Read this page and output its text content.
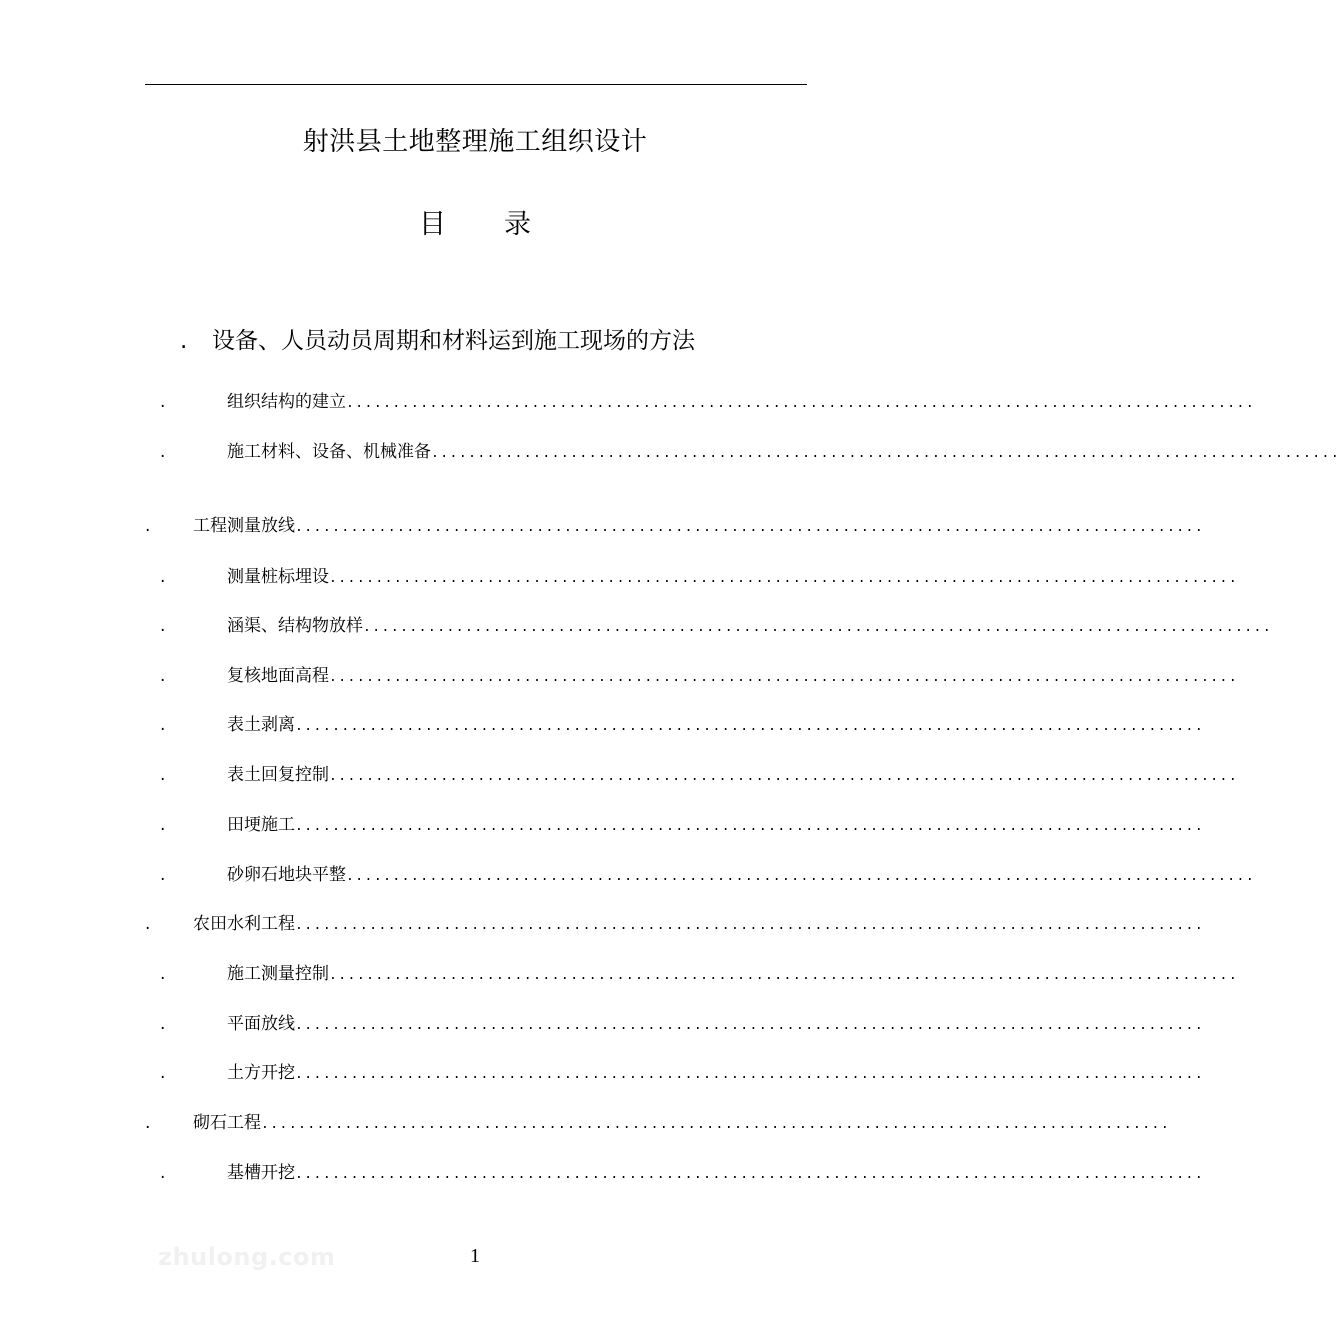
射洪县土地整理施工组织设计
目 录
. 设备、人员动员周期和材料运到施工现场的方法
.	组织结构的建立 ..................................................................................................
.	施工材料、设备、机械准备 ..................................................................................................
.	工程测量放线 ..................................................................................................
.	测量桩标埋设 ..................................................................................................
.	涵渠、结构物放样 ..................................................................................................
.	复核地面高程 ..................................................................................................
.	表土剥离 ..................................................................................................
.	表土回复控制 ..................................................................................................
.	田埂施工 ..................................................................................................
.	砂卵石地块平整 ..................................................................................................
.	农田水利工程 ..................................................................................................
.	施工测量控制 ..................................................................................................
.	平面放线 ..................................................................................................
.	土方开挖 ..................................................................................................
.	砌石工程 ..................................................................................................
.	基槽开挖 ..................................................................................................
zhulong.com	1
